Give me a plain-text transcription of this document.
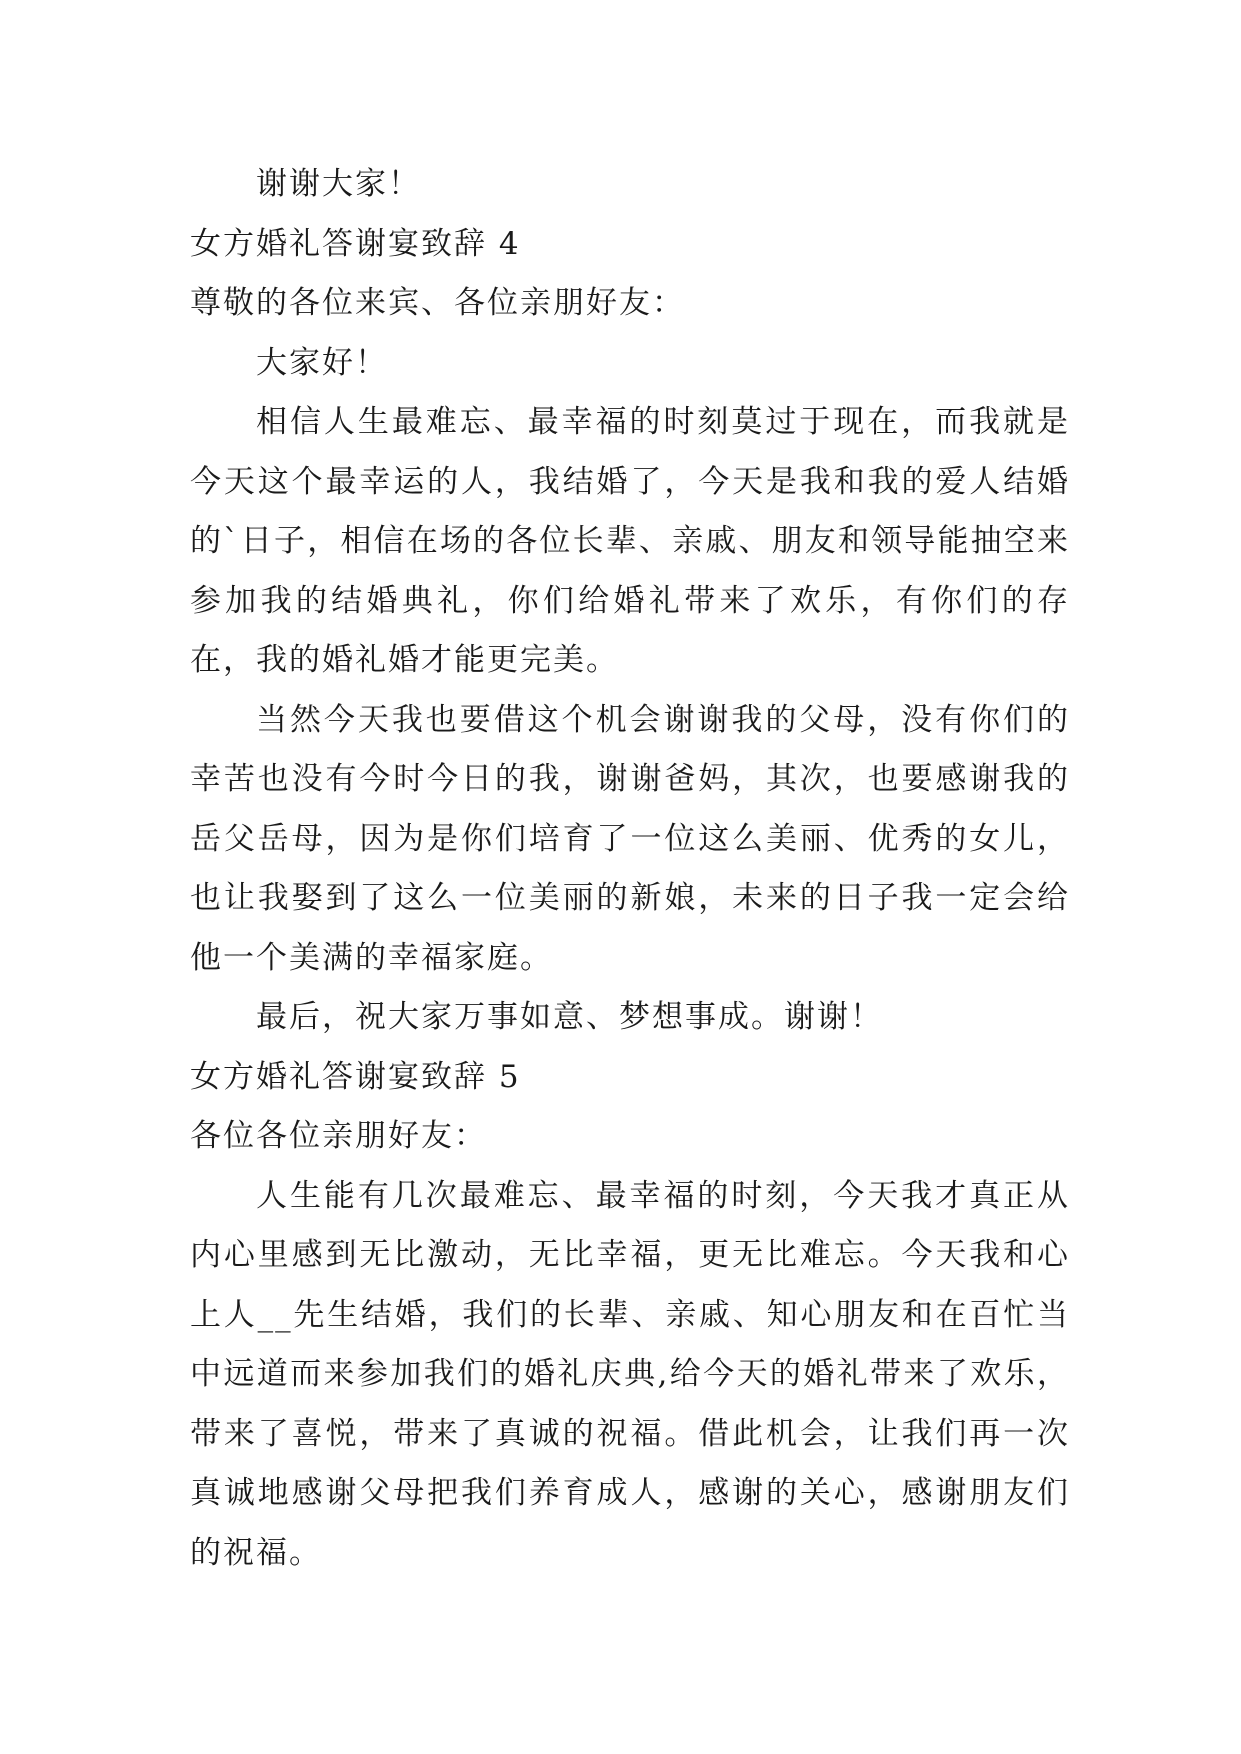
谢谢大家！

女方婚礼答谢宴致辞 4

尊敬的各位来宾、各位亲朋好友：

大家好！

相信人生最难忘、最幸福的时刻莫过于现在，而我就是今天这个最幸运的人，我结婚了，今天是我和我的爱人结婚的`日子，相信在场的各位长辈、亲戚、朋友和领导能抽空来参加我的结婚典礼，你们给婚礼带来了欢乐，有你们的存在，我的婚礼婚才能更完美。

当然今天我也要借这个机会谢谢我的父母，没有你们的幸苦也没有今时今日的我，谢谢爸妈，其次，也要感谢我的岳父岳母，因为是你们培育了一位这么美丽、优秀的女儿，也让我娶到了这么一位美丽的新娘，未来的日子我一定会给他一个美满的幸福家庭。

最后，祝大家万事如意、梦想事成。谢谢！

女方婚礼答谢宴致辞 5

各位各位亲朋好友：

人生能有几次最难忘、最幸福的时刻，今天我才真正从内心里感到无比激动，无比幸福，更无比难忘。今天我和心上人__先生结婚，我们的长辈、亲戚、知心朋友和在百忙当中远道而来参加我们的婚礼庆典,给今天的婚礼带来了欢乐，带来了喜悦，带来了真诚的祝福。借此机会，让我们再一次真诚地感谢父母把我们养育成人，感谢的关心，感谢朋友们的祝福。
